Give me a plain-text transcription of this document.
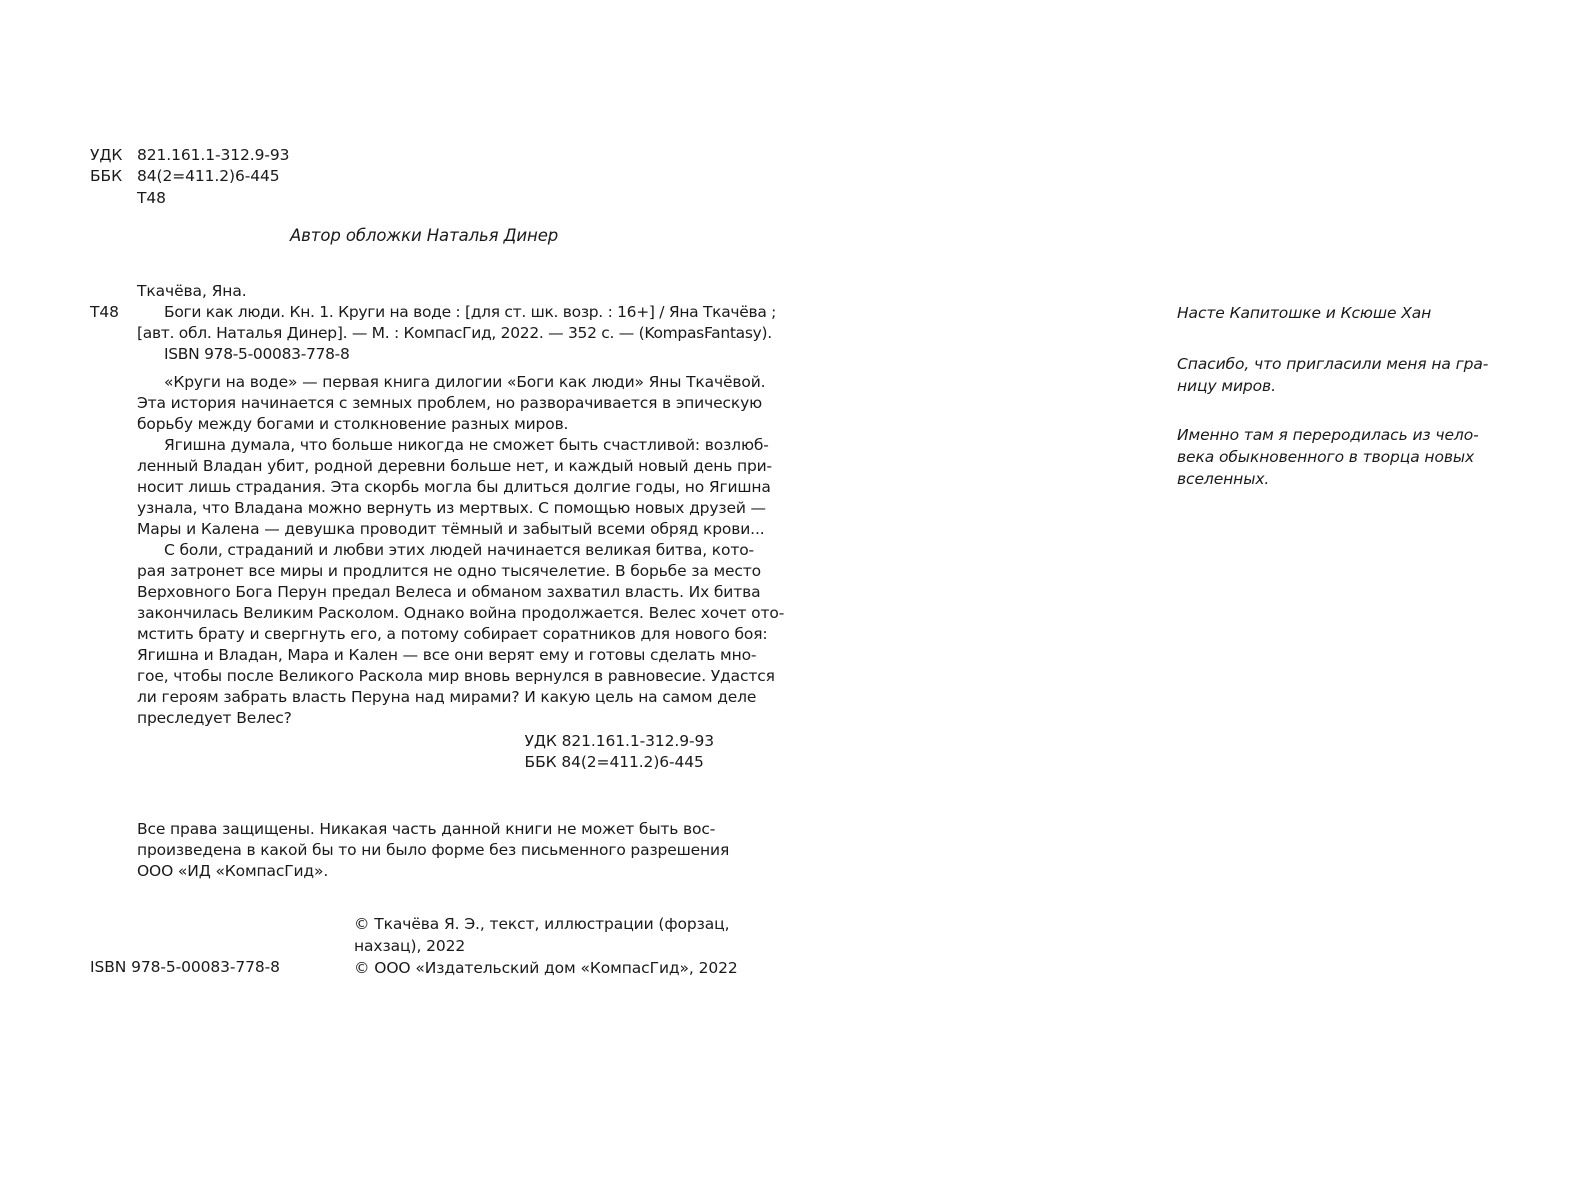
УДК 821.161.1-312.9-93
ББК 84(2=411.2)6-445
Т48
Автор обложки Наталья Динер
Ткачёва, Яна.
Т48	Боги как люди. Кн. 1. Круги на воде : [для ст. шк. возр. : 16+] / Яна Ткачёва ;
[авт. обл. Наталья Динер]. — М. : КомпасГид, 2022. — 352 с. — (KompasFantasy).
ISBN 978-5-00083-778-8
«Круги на воде» — первая книга дилогии «Боги как люди» Яны Ткачёвой.
Эта история начинается с земных проблем, но разворачивается в эпическую
борьбу между богами и столкновение разных миров.
Ягишна думала, что больше никогда не сможет быть счастливой: возлюб-
ленный Владан убит, родной деревни больше нет, и каждый новый день при-
носит лишь страдания. Эта скорбь могла бы длиться долгие годы, но Ягишна
узнала, что Владана можно вернуть из мертвых. С помощью новых друзей —
Мары и Калена — девушка проводит тёмный и забытый всеми обряд крови...
С боли, страданий и любви этих людей начинается великая битва, кото-
рая затронет все миры и продлится не одно тысячелетие. В борьбе за место
Верховного Бога Перун предал Велеса и обманом захватил власть. Их битва
закончилась Великим Расколом. Однако война продолжается. Велес хочет ото-
мстить брату и свергнуть его, а потому собирает соратников для нового боя:
Ягишна и Владан, Мара и Кален — все они верят ему и готовы сделать мно-
гое, чтобы после Великого Раскола мир вновь вернулся в равновесие. Удастся
ли героям забрать власть Перуна над мирами? И какую цель на самом деле
преследует Велес?
УДК 821.161.1-312.9-93
ББК 84(2=411.2)6-445
Все права защищены. Никакая часть данной книги не может быть вос-
произведена в какой бы то ни было форме без письменного разрешения
ООО «ИД «КомпасГид».
© Ткачёва Я. Э., текст, иллюстрации (форзац,
нахзац), 2022
© ООО «Издательский дом «КомпасГид», 2022
ISBN 978-5-00083-778-8
Насте Капитошке и Ксюше Хан
Спасибо, что пригласили меня на гра-
ницу миров.
Именно там я переродилась из чело-
века обыкновенного в творца новых
вселенных.
